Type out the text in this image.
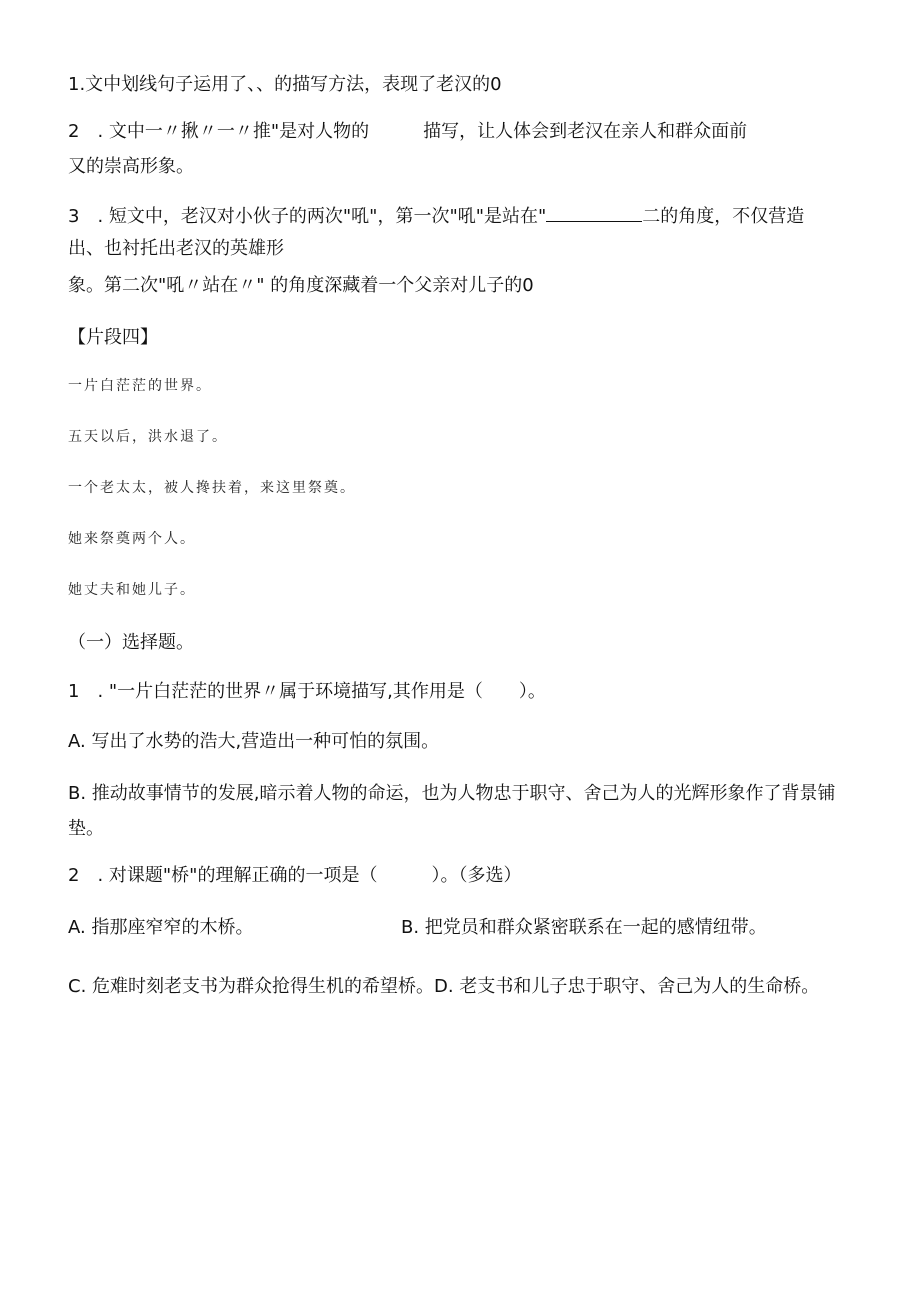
1.文中划线句子运用了、、的描写方法，表现了老汉的0
2　. 文中一〃揪〃一〃推"是对人物的　　　描写，让人体会到老汉在亲人和群众面前
又的崇高形象。
3　. 短文中，老汉对小伙子的两次"吼"，第一次"吼"是站在"	二的角度，不仅营造
出、也衬托出老汉的英雄形
象。第二次"吼〃站在〃" 的角度深藏着一个父亲对儿子的0
【片段四】
一片白茫茫的世界。
五天以后，洪水退了。
一个老太太，被人搀扶着，来这里祭奠。
她来祭奠两个人。
她丈夫和她儿子。
（一）选择题。
1　. "一片白茫茫的世界〃属于环境描写,其作用是（　　）。
A. 写出了水势的浩大,营造出一种可怕的氛围。
B. 推动故事情节的发展,暗示着人物的命运，也为人物忠于职守、舍己为人的光辉形象作了背景铺
垫。
2　. 对课题"桥"的理解正确的一项是（　　　）。（多选）
A. 指那座窄窄的木桥。	B. 把党员和群众紧密联系在一起的感情纽带。
C. 危难时刻老支书为群众抢得生机的希望桥。D. 老支书和儿子忠于职守、舍己为人的生命桥。
